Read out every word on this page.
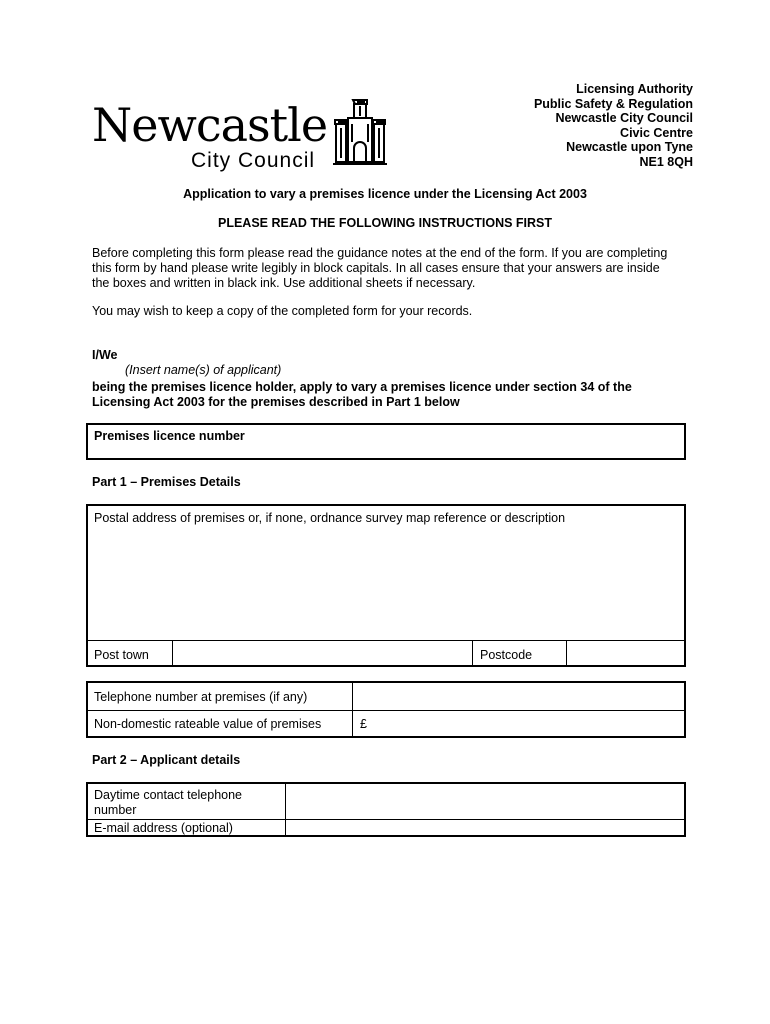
Newcastle
City Council
Licensing Authority
Public Safety & Regulation
Newcastle City Council
Civic Centre
Newcastle upon Tyne
NE1 8QH
Application to vary a premises licence under the Licensing Act 2003
PLEASE READ THE FOLLOWING INSTRUCTIONS FIRST
Before completing this form please read the guidance notes at the end of the form. If you are completing this form by hand please write legibly in block capitals. In all cases ensure that your answers are inside the boxes and written in black ink. Use additional sheets if necessary.
You may wish to keep a copy of the completed form for your records.
I/We
(Insert name(s) of applicant)
being the premises licence holder, apply to vary a premises licence under section 34 of the Licensing Act 2003 for the premises described in Part 1 below
Premises licence number
Part 1 – Premises Details
Postal address of premises or, if none, ordnance survey map reference or description
Post town	Postcode
Telephone number at premises (if any)
Non-domestic rateable value of premises	£
Part 2 – Applicant details
Daytime contact telephone number
E-mail address (optional)
